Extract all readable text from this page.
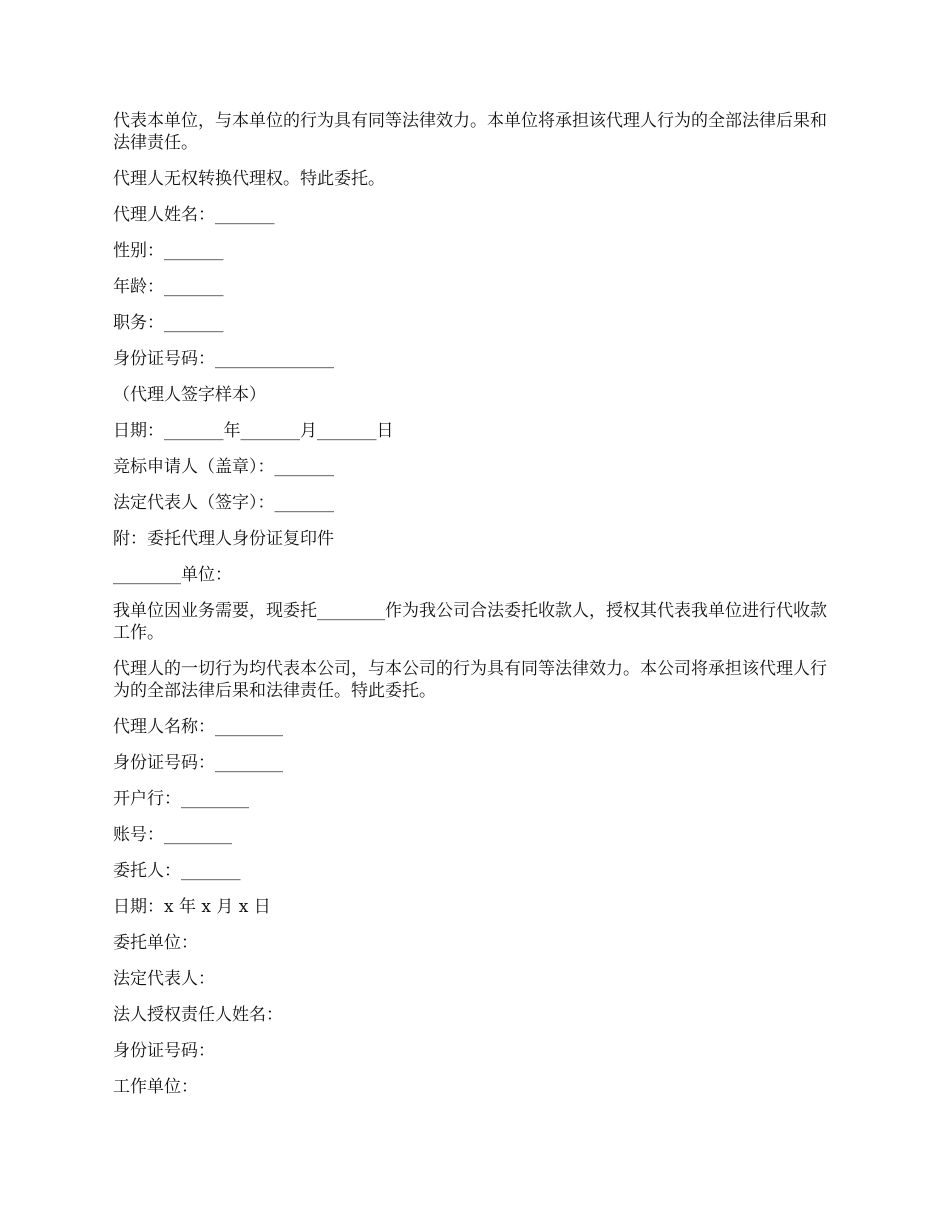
代表本单位，与本单位的行为具有同等法律效力。本单位将承担该代理人行为的全部法律后果和法律责任。

代理人无权转换代理权。特此委托。

代理人姓名：_______

性别：_______

年龄：_______

职务：_______

身份证号码：______________

（代理人签字样本）

日期：_______年_______月_______日

竞标申请人（盖章）：_______

法定代表人（签字）：_______

附：委托代理人身份证复印件

________单位：

我单位因业务需要，现委托________作为我公司合法委托收款人，授权其代表我单位进行代收款工作。

代理人的一切行为均代表本公司，与本公司的行为具有同等法律效力。本公司将承担该代理人行为的全部法律后果和法律责任。特此委托。

代理人名称：________

身份证号码：________

开户行：________

账号：________

委托人：_______

日期：x 年 x 月 x 日

委托单位：

法定代表人：

法人授权责任人姓名：

身份证号码：

工作单位：
